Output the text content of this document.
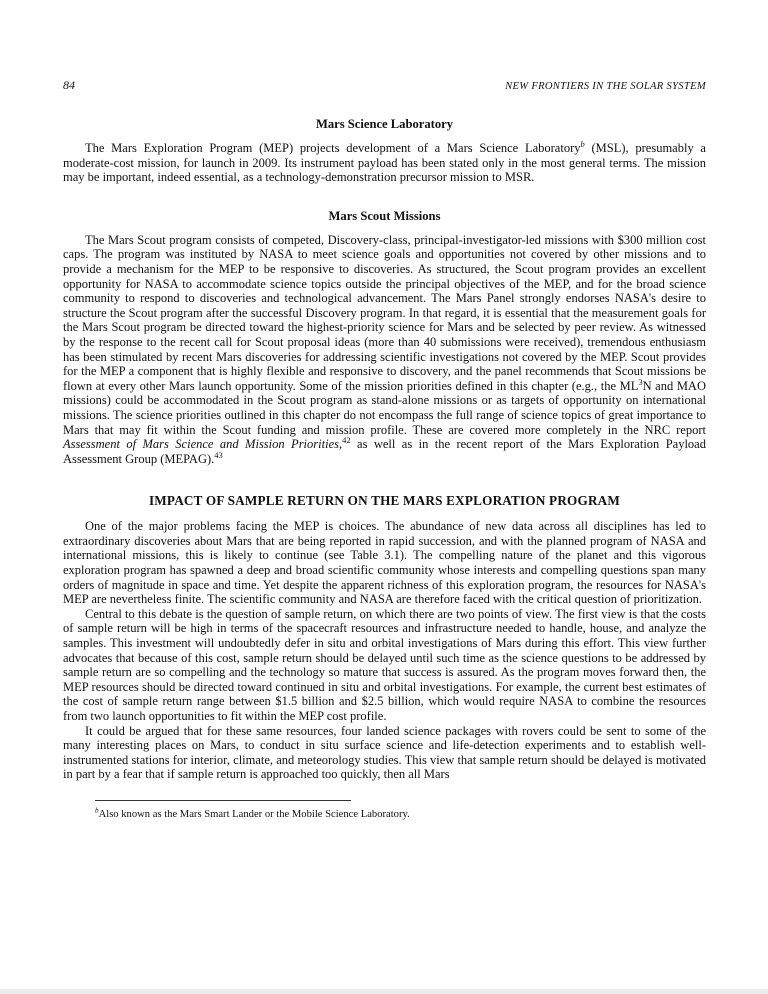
84	NEW FRONTIERS IN THE SOLAR SYSTEM
Mars Science Laboratory

The Mars Exploration Program (MEP) projects development of a Mars Science Laboratory$^b$ (MSL), presumably a moderate-cost mission, for launch in 2009. Its instrument payload has been stated only in the most general terms. The mission may be important, indeed essential, as a technology-demonstration precursor mission to MSR.

Mars Scout Missions

The Mars Scout program consists of competed, Discovery-class, principal-investigator-led missions with $300 million cost caps. The program was instituted by NASA to meet science goals and opportunities not covered by other missions and to provide a mechanism for the MEP to be responsive to discoveries. As structured, the Scout program provides an excellent opportunity for NASA to accommodate science topics outside the principal objectives of the MEP, and for the broad science community to respond to discoveries and technological advancement. The Mars Panel strongly endorses NASA's desire to structure the Scout program after the successful Discovery program. In that regard, it is essential that the measurement goals for the Mars Scout program be directed toward the highest-priority science for Mars and be selected by peer review. As witnessed by the response to the recent call for Scout proposal ideas (more than 40 submissions were received), tremendous enthusiasm has been stimulated by recent Mars discoveries for addressing scientific investigations not covered by the MEP. Scout provides for the MEP a component that is highly flexible and responsive to discovery, and the panel recommends that Scout missions be flown at every other Mars launch opportunity. Some of the mission priorities defined in this chapter (e.g., the $ML^3N$ and MAO missions) could be accommodated in the Scout program as stand-alone missions or as targets of opportunity on international missions. The science priorities outlined in this chapter do not encompass the full range of science topics of great importance to Mars that may fit within the Scout funding and mission profile. These are covered more completely in the NRC report Assessment of Mars Science and Mission Priorities,$^{42}$ as well as in the recent report of the Mars Exploration Payload Assessment Group (MEPAG).$^{43}$

IMPACT OF SAMPLE RETURN ON THE MARS EXPLORATION PROGRAM

One of the major problems facing the MEP is choices. The abundance of new data across all disciplines has led to extraordinary discoveries about Mars that are being reported in rapid succession, and with the planned program of NASA and international missions, this is likely to continue (see Table 3.1). The compelling nature of the planet and this vigorous exploration program has spawned a deep and broad scientific community whose interests and compelling questions span many orders of magnitude in space and time. Yet despite the apparent richness of this exploration program, the resources for NASA's MEP are nevertheless finite. The scientific community and NASA are therefore faced with the critical question of prioritization.

Central to this debate is the question of sample return, on which there are two points of view. The first view is that the costs of sample return will be high in terms of the spacecraft resources and infrastructure needed to handle, house, and analyze the samples. This investment will undoubtedly defer in situ and orbital investigations of Mars during this effort. This view further advocates that because of this cost, sample return should be delayed until such time as the science questions to be addressed by sample return are so compelling and the technology so mature that success is assured. As the program moves forward then, the MEP resources should be directed toward continued in situ and orbital investigations. For example, the current best estimates of the cost of sample return range between $1.5 billion and $2.5 billion, which would require NASA to combine the resources from two launch opportunities to fit within the MEP cost profile.

It could be argued that for these same resources, four landed science packages with rovers could be sent to some of the many interesting places on Mars, to conduct in situ surface science and life-detection experiments and to establish well-instrumented stations for interior, climate, and meteorology studies. This view that sample return should be delayed is motivated in part by a fear that if sample return is approached too quickly, then all Mars

$^b$Also known as the Mars Smart Lander or the Mobile Science Laboratory.
